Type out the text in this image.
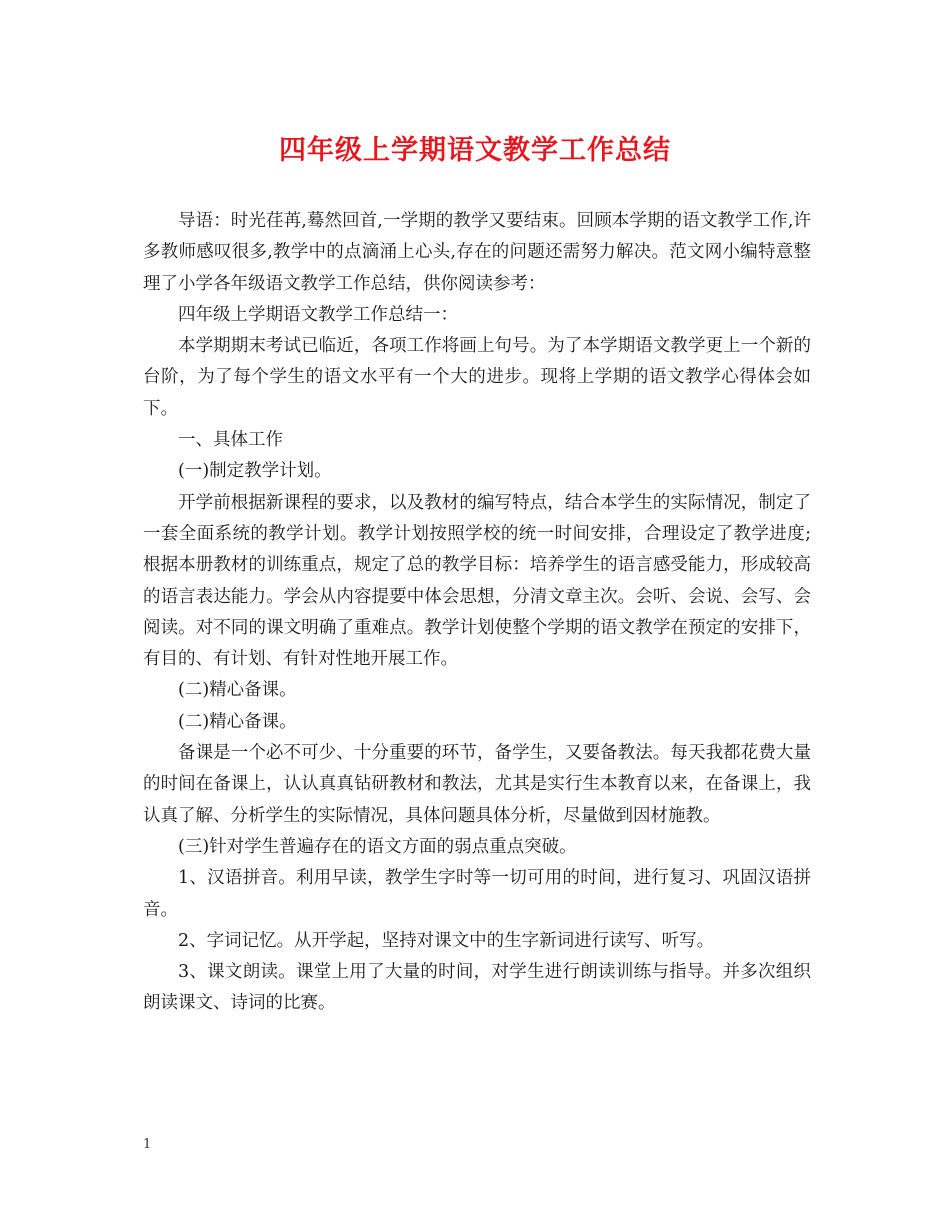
四年级上学期语文教学工作总结

导语：时光荏苒,蓦然回首,一学期的教学又要结束。回顾本学期的语文教学工作,许多教师感叹很多,教学中的点滴涌上心头,存在的问题还需努力解决。范文网小编特意整理了小学各年级语文教学工作总结，供你阅读参考：

四年级上学期语文教学工作总结一：

本学期期末考试已临近，各项工作将画上句号。为了本学期语文教学更上一个新的台阶，为了每个学生的语文水平有一个大的进步。现将上学期的语文教学心得体会如下。

一、具体工作

(一)制定教学计划。

开学前根据新课程的要求，以及教材的编写特点，结合本学生的实际情况，制定了一套全面系统的教学计划。教学计划按照学校的统一时间安排，合理设定了教学进度;根据本册教材的训练重点，规定了总的教学目标：培养学生的语言感受能力，形成较高的语言表达能力。学会从内容提要中体会思想，分清文章主次。会听、会说、会写、会阅读。对不同的课文明确了重难点。教学计划使整个学期的语文教学在预定的安排下，有目的、有计划、有针对性地开展工作。

(二)精心备课。

(二)精心备课。

备课是一个必不可少、十分重要的环节，备学生，又要备教法。每天我都花费大量的时间在备课上，认认真真钻研教材和教法，尤其是实行生本教育以来，在备课上，我认真了解、分析学生的实际情况，具体问题具体分析，尽量做到因材施教。

(三)针对学生普遍存在的语文方面的弱点重点突破。

1、汉语拼音。利用早读，教学生字时等一切可用的时间，进行复习、巩固汉语拼音。

2、字词记忆。从开学起，坚持对课文中的生字新词进行读写、听写。

3、课文朗读。课堂上用了大量的时间，对学生进行朗读训练与指导。并多次组织朗读课文、诗词的比赛。

1
